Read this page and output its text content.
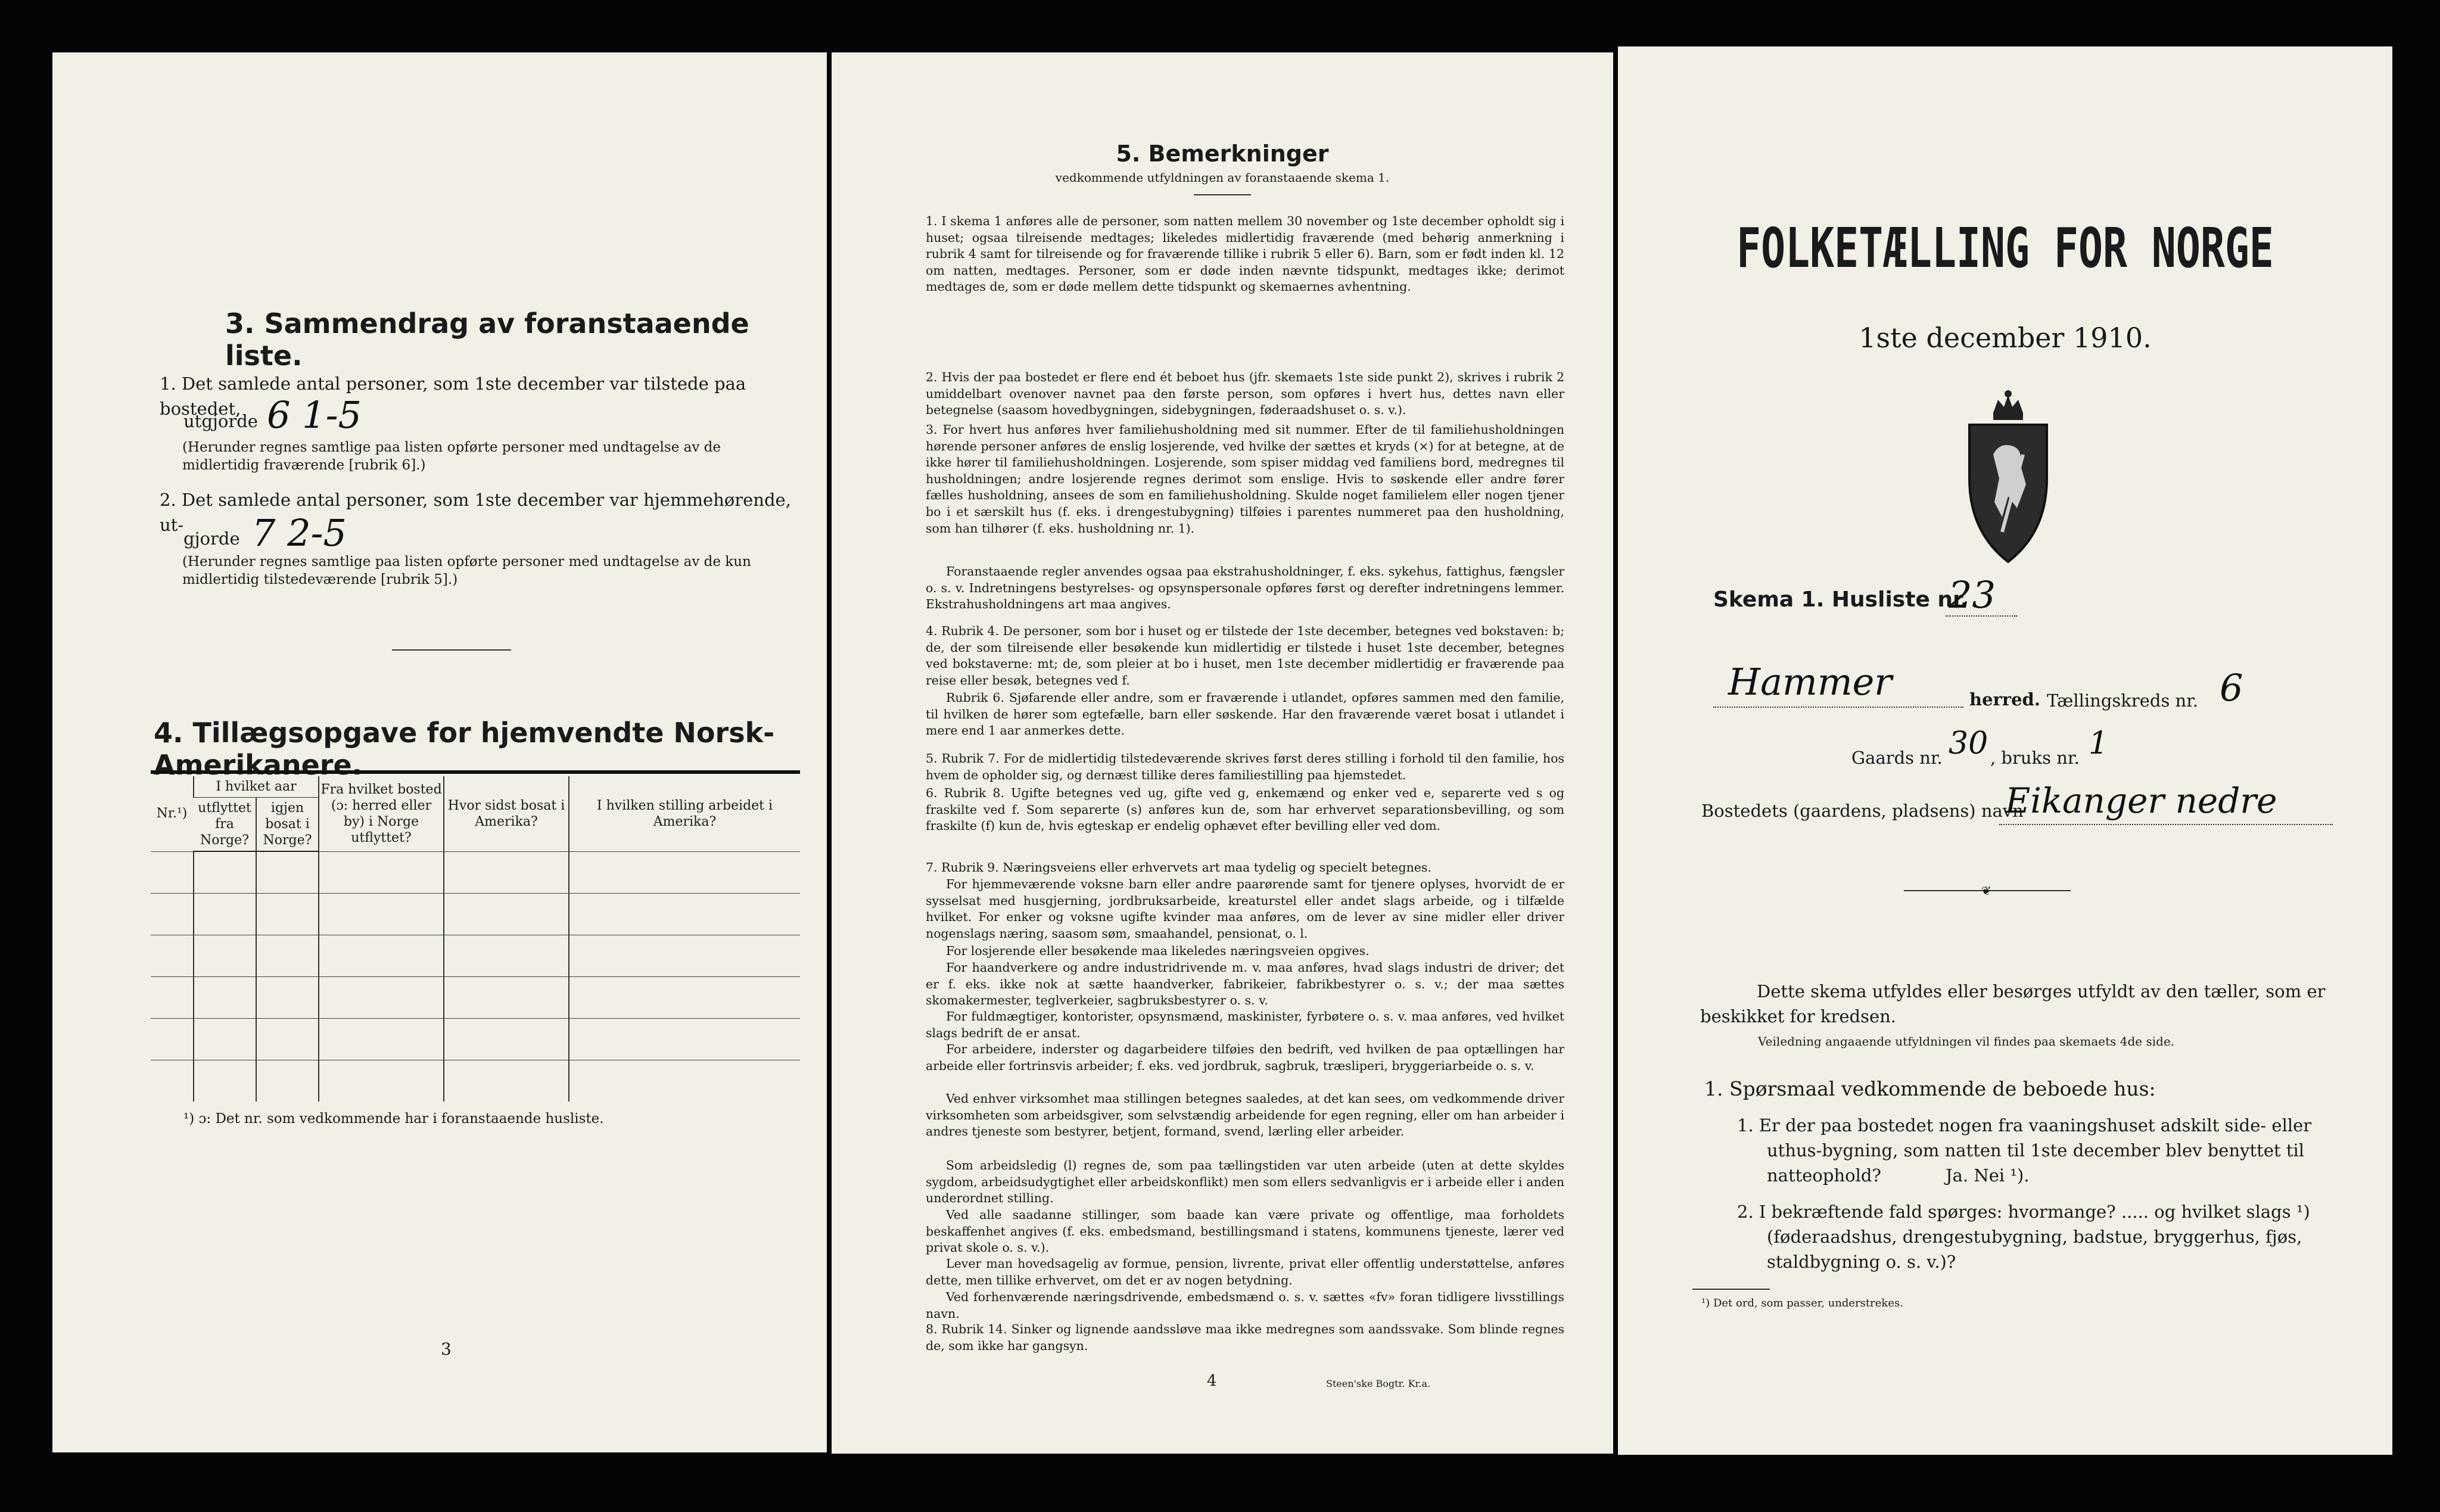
3. Sammendrag av foranstaaende liste.
1. Det samlede antal personer, som 1ste december var tilstede paa bostedet,
utgjorde 6 1-5
(Herunder regnes samtlige paa listen opførte personer med undtagelse av de midlertidig fraværende [rubrik 6].)
2. Det samlede antal personer, som 1ste december var hjemmehørende, ut-
gjorde 7 2-5
(Herunder regnes samtlige paa listen opførte personer med undtagelse av de kun midlertidig tilstedeværende [rubrik 5].)
4. Tillægsopgave for hjemvendte Norsk-Amerikanere.
Nr.¹)	I hvilket aar		Fra hvilket bosted (ɔ: herred eller by) i Norge utflyttet?	Hvor sidst bosat i Amerika?	I hvilken stilling arbeidet i Amerika?
	utflyttet fra Norge?	igjen bosat i Norge?			

¹) ɔ: Det nr. som vedkommende har i foranstaaende husliste.
3
5. Bemerkninger
vedkommende utfyldningen av foranstaaende skema 1.
1. I skema 1 anføres alle de personer, som natten mellem 30 november og 1ste december opholdt sig i huset; ogsaa tilreisende medtages; likeledes midlertidig fraværende (med behørig anmerkning i rubrik 4 samt for tilreisende og for fraværende tillike i rubrik 5 eller 6). Barn, som er født inden kl. 12 om natten, medtages. Personer, som er døde inden nævnte tidspunkt, medtages ikke; derimot medtages de, som er døde mellem dette tidspunkt og skemaernes avhentning.
2. Hvis der paa bostedet er flere end ét beboet hus (jfr. skemaets 1ste side punkt 2), skrives i rubrik 2 umiddelbart ovenover navnet paa den første person, som opføres i hvert hus, dettes navn eller betegnelse (saasom hovedbygningen, sidebygningen, føderaadshuset o. s. v.).
3. For hvert hus anføres hver familiehusholdning med sit nummer. Efter de til familiehusholdningen hørende personer anføres de enslig losjerende, ved hvilke der sættes et kryds (×) for at betegne, at de ikke hører til familiehusholdningen. Losjerende, som spiser middag ved familiens bord, medregnes til husholdningen; andre losjerende regnes derimot som enslige. Hvis to søskende eller andre fører fælles husholdning, ansees de som en familiehusholdning. Skulde noget familielem eller nogen tjener bo i et særskilt hus (f. eks. i drengestubygning) tilføies i parentes nummeret paa den husholdning, som han tilhører (f. eks. husholdning nr. 1).
Foranstaaende regler anvendes ogsaa paa ekstrahusholdninger, f. eks. sykehus, fattighus, fængsler o. s. v. Indretningens bestyrelses- og opsynspersonale opføres først og derefter indretningens lemmer. Ekstrahusholdningens art maa angives.
4. Rubrik 4. De personer, som bor i huset og er tilstede der 1ste december, betegnes ved bokstaven: b; de, der som tilreisende eller besøkende kun midlertidig er tilstede i huset 1ste december, betegnes ved bokstaverne: mt; de, som pleier at bo i huset, men 1ste december midlertidig er fraværende paa reise eller besøk, betegnes ved f.
Rubrik 6. Sjøfarende eller andre, som er fraværende i utlandet, opføres sammen med den familie, til hvilken de hører som egtefælle, barn eller søskende. Har den fraværende været bosat i utlandet i mere end 1 aar anmerkes dette.
5. Rubrik 7. For de midlertidig tilstedeværende skrives først deres stilling i forhold til den familie, hos hvem de opholder sig, og dernæst tillike deres familiestilling paa hjemstedet.
6. Rubrik 8. Ugifte betegnes ved ug, gifte ved g, enkemænd og enker ved e, separerte ved s og fraskilte ved f. Som separerte (s) anføres kun de, som har erhvervet separationsbevilling, og som fraskilte (f) kun de, hvis egteskap er endelig ophævet efter bevilling eller ved dom.
7. Rubrik 9. Næringsveiens eller erhvervets art maa tydelig og specielt betegnes.
For hjemmeværende voksne barn eller andre paarørende samt for tjenere oplyses, hvorvidt de er sysselsat med husgjerning, jordbruksarbeide, kreaturstel eller andet slags arbeide, og i tilfælde hvilket. For enker og voksne ugifte kvinder maa anføres, om de lever av sine midler eller driver nogenslags næring, saasom søm, smaahandel, pensionat, o. l.
For losjerende eller besøkende maa likeledes næringsveien opgives.
For haandverkere og andre industridrivende m. v. maa anføres, hvad slags industri de driver; det er f. eks. ikke nok at sætte haandverker, fabrikeier, fabrikbestyrer o. s. v.; der maa sættes skomakermester, teglverkeier, sagbruksbestyrer o. s. v.
For fuldmægtiger, kontorister, opsynsmænd, maskinister, fyrbøtere o. s. v. maa anføres, ved hvilket slags bedrift de er ansat.
For arbeidere, inderster og dagarbeidere tilføies den bedrift, ved hvilken de paa optællingen har arbeide eller fortrinsvis arbeider; f. eks. ved jordbruk, sagbruk, træsliperi, bryggeriarbeide o. s. v.
Ved enhver virksomhet maa stillingen betegnes saaledes, at det kan sees, om vedkommende driver virksomheten som arbeidsgiver, som selvstændig arbeidende for egen regning, eller om han arbeider i andres tjeneste som bestyrer, betjent, formand, svend, lærling eller arbeider.
Som arbeidsledig (l) regnes de, som paa tællingstiden var uten arbeide (uten at dette skyldes sygdom, arbeidsudygtighet eller arbeidskonflikt) men som ellers sedvanligvis er i arbeide eller i anden underordnet stilling.
Ved alle saadanne stillinger, som baade kan være private og offentlige, maa forholdets beskaffenhet angives (f. eks. embedsmand, bestillingsmand i statens, kommunens tjeneste, lærer ved privat skole o. s. v.).
Lever man hovedsagelig av formue, pension, livrente, privat eller offentlig understøttelse, anføres dette, men tillike erhvervet, om det er av nogen betydning.
Ved forhenværende næringsdrivende, embedsmænd o. s. v. sættes «fv» foran tidligere livsstillings navn.
8. Rubrik 14. Sinker og lignende aandssløve maa ikke medregnes som aandssvake. Som blinde regnes de, som ikke har gangsyn.
4	Steen'ske Bogtr. Kr.a.
FOLKETÆLLING FOR NORGE
1ste december 1910.
Skema 1. Husliste nr.
23
Hammer	herred. Tællingskreds nr. 6
Gaards nr. 30 , bruks nr. 1
Bostedets (gaardens, pladsens) navn
Eikanger nedre
❦
Dette skema utfyldes eller besørges utfyldt av den tæller, som er beskikket for kredsen.
Veiledning angaaende utfyldningen vil findes paa skemaets 4de side.
1. Spørsmaal vedkommende de beboede hus:
1. Er der paa bostedet nogen fra vaaningshuset adskilt side- eller uthus-bygning, som natten til 1ste december blev benyttet til natteophold?	Ja. Nei ¹).
2. I bekræftende fald spørges: hvormange? ..... og hvilket slags ¹) (føderaadshus, drengestubygning, badstue, bryggerhus, fjøs, staldbygning o. s. v.)?
¹) Det ord, som passer, understrekes.
